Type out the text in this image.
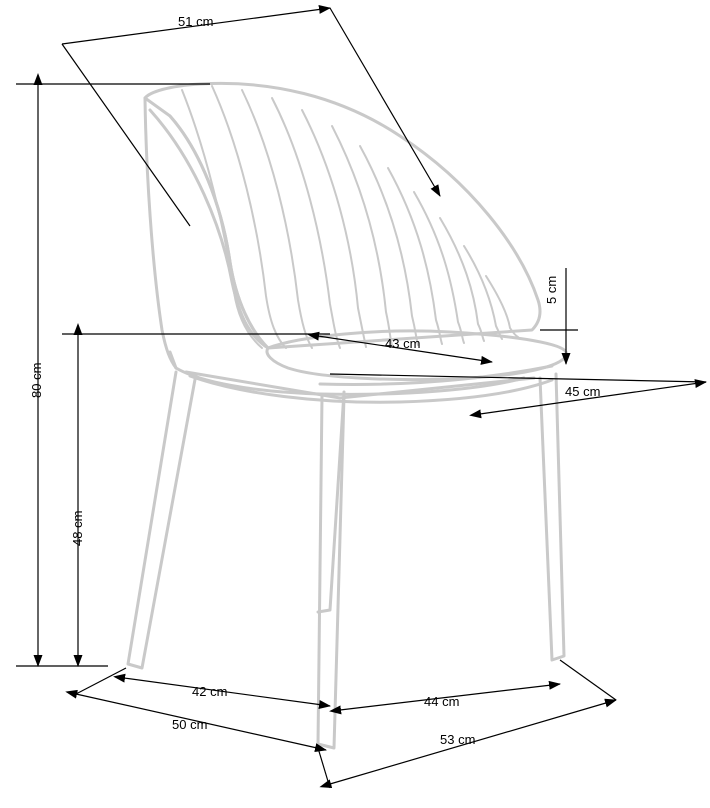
51 cm
80 cm
48 cm
43 cm
5 cm
45 cm
42 cm
50 cm
44 cm
53 cm
